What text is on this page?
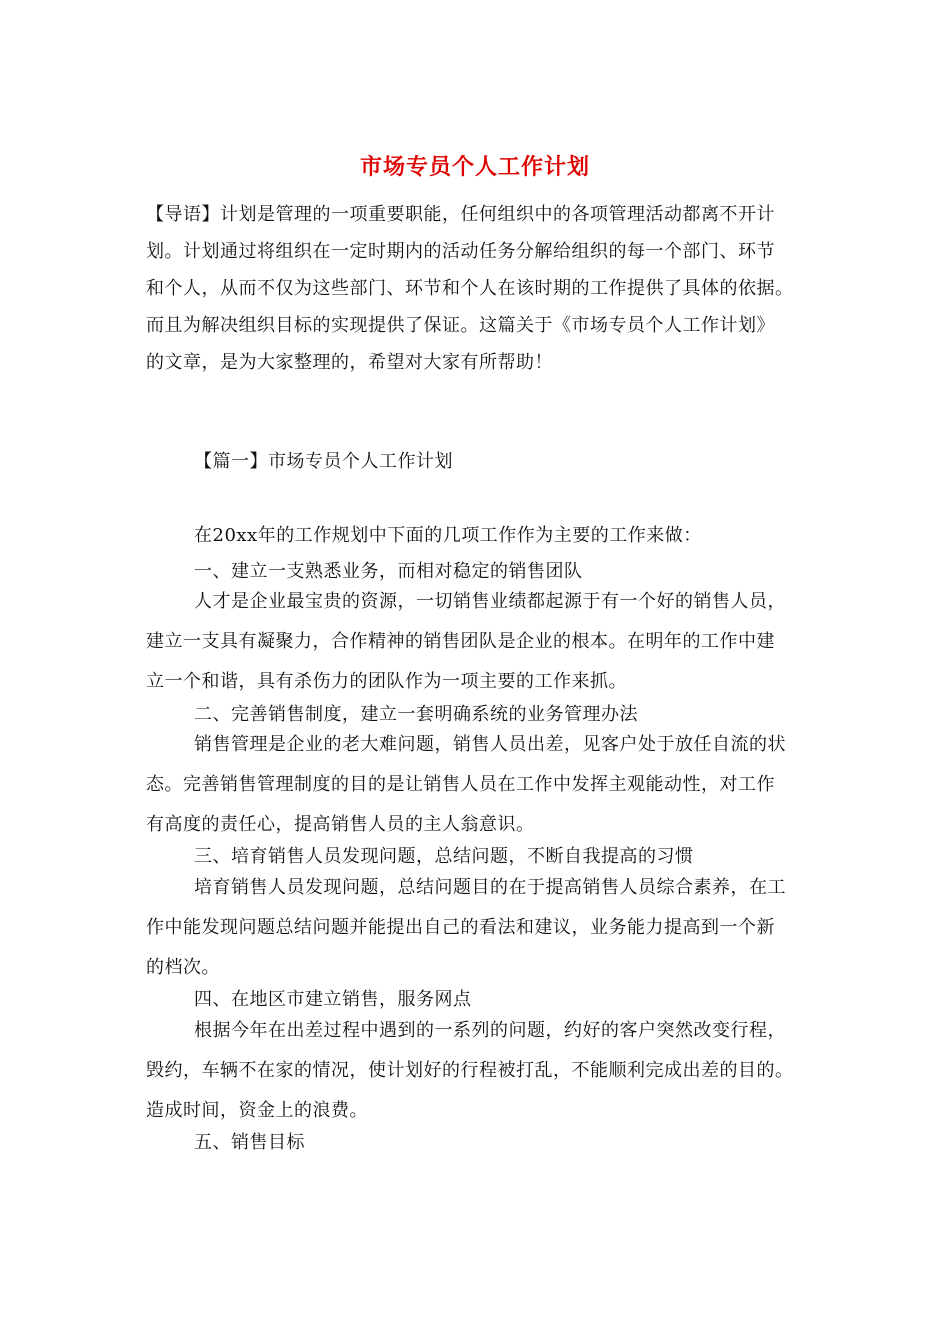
市场专员个人工作计划
【导语】计划是管理的一项重要职能，任何组织中的各项管理活动都离不开计
划。计划通过将组织在一定时期内的活动任务分解给组织的每一个部门、环节
和个人，从而不仅为这些部门、环节和个人在该时期的工作提供了具体的依据。
而且为解决组织目标的实现提供了保证。这篇关于《市场专员个人工作计划》
的文章，是为大家整理的，希望对大家有所帮助！
【篇一】市场专员个人工作计划
在20xx年的工作规划中下面的几项工作作为主要的工作来做：
一、建立一支熟悉业务，而相对稳定的销售团队
人才是企业最宝贵的资源，一切销售业绩都起源于有一个好的销售人员，
建立一支具有凝聚力，合作精神的销售团队是企业的根本。在明年的工作中建
立一个和谐，具有杀伤力的团队作为一项主要的工作来抓。
二、完善销售制度，建立一套明确系统的业务管理办法
销售管理是企业的老大难问题，销售人员出差，见客户处于放任自流的状
态。完善销售管理制度的目的是让销售人员在工作中发挥主观能动性，对工作
有高度的责任心，提高销售人员的主人翁意识。
三、培育销售人员发现问题，总结问题，不断自我提高的习惯
培育销售人员发现问题，总结问题目的在于提高销售人员综合素养，在工
作中能发现问题总结问题并能提出自己的看法和建议，业务能力提高到一个新
的档次。
四、在地区市建立销售，服务网点
根据今年在出差过程中遇到的一系列的问题，约好的客户突然改变行程，
毁约，车辆不在家的情况，使计划好的行程被打乱，不能顺利完成出差的目的。
造成时间，资金上的浪费。
五、销售目标
